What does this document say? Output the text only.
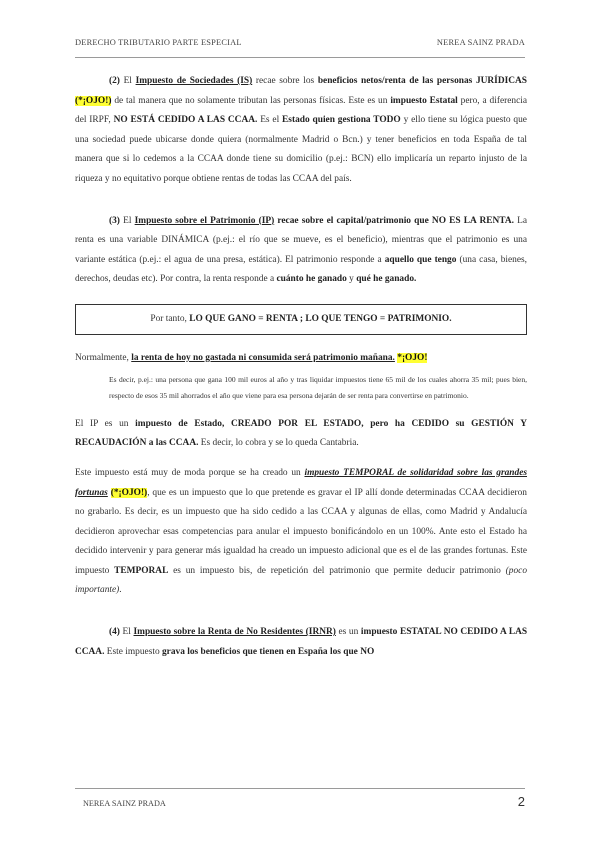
DERECHO TRIBUTARIO PARTE ESPECIAL	NEREA SAINZ PRADA

(2) El Impuesto de Sociedades (IS) recae sobre los beneficios netos/renta de las personas JURÍDICAS (*¡OJO!) de tal manera que no solamente tributan las personas físicas. Este es un impuesto Estatal pero, a diferencia del IRPF, NO ESTÁ CEDIDO A LAS CCAA. Es el Estado quien gestiona TODO y ello tiene su lógica puesto que una sociedad puede ubicarse donde quiera (normalmente Madrid o Bcn.) y tener beneficios en toda España de tal manera que si lo cedemos a la CCAA donde tiene su domicilio (p.ej.: BCN) ello implicaría un reparto injusto de la riqueza y no equitativo porque obtiene rentas de todas las CCAA del país.

(3) El Impuesto sobre el Patrimonio (IP) recae sobre el capital/patrimonio que NO ES LA RENTA. La renta es una variable DINÁMICA (p.ej.: el río que se mueve, es el beneficio), mientras que el patrimonio es una variante estática (p.ej.: el agua de una presa, estática). El patrimonio responde a aquello que tengo (una casa, bienes, derechos, deudas etc). Por contra, la renta responde a cuánto he ganado y qué he ganado.

Por tanto, LO QUE GANO = RENTA ; LO QUE TENGO = PATRIMONIO.

Normalmente, la renta de hoy no gastada ni consumida será patrimonio mañana. *¡OJO!

Es decir, p.ej.: una persona que gana 100 mil euros al año y tras liquidar impuestos tiene 65 mil de los cuales ahorra 35 mil; pues bien, respecto de esos 35 mil ahorrados el año que viene para esa persona dejarán de ser renta para convertirse en patrimonio.

El IP es un impuesto de Estado, CREADO POR EL ESTADO, pero ha CEDIDO su GESTIÓN Y RECAUDACIÓN a las CCAA. Es decir, lo cobra y se lo queda Cantabria.

Este impuesto está muy de moda porque se ha creado un impuesto TEMPORAL de solidaridad sobre las grandes fortunas (*¡OJO!), que es un impuesto que lo que pretende es gravar el IP allí donde determinadas CCAA decidieron no grabarlo. Es decir, es un impuesto que ha sido cedido a las CCAA y algunas de ellas, como Madrid y Andalucía decidieron aprovechar esas competencias para anular el impuesto bonificándolo en un 100%. Ante esto el Estado ha decidido intervenir y para generar más igualdad ha creado un impuesto adicional que es el de las grandes fortunas. Este impuesto TEMPORAL es un impuesto bis, de repetición del patrimonio que permite deducir patrimonio (poco importante).

(4) El Impuesto sobre la Renta de No Residentes (IRNR) es un impuesto ESTATAL NO CEDIDO A LAS CCAA. Este impuesto grava los beneficios que tienen en España los que NO

NEREA SAINZ PRADA	2
